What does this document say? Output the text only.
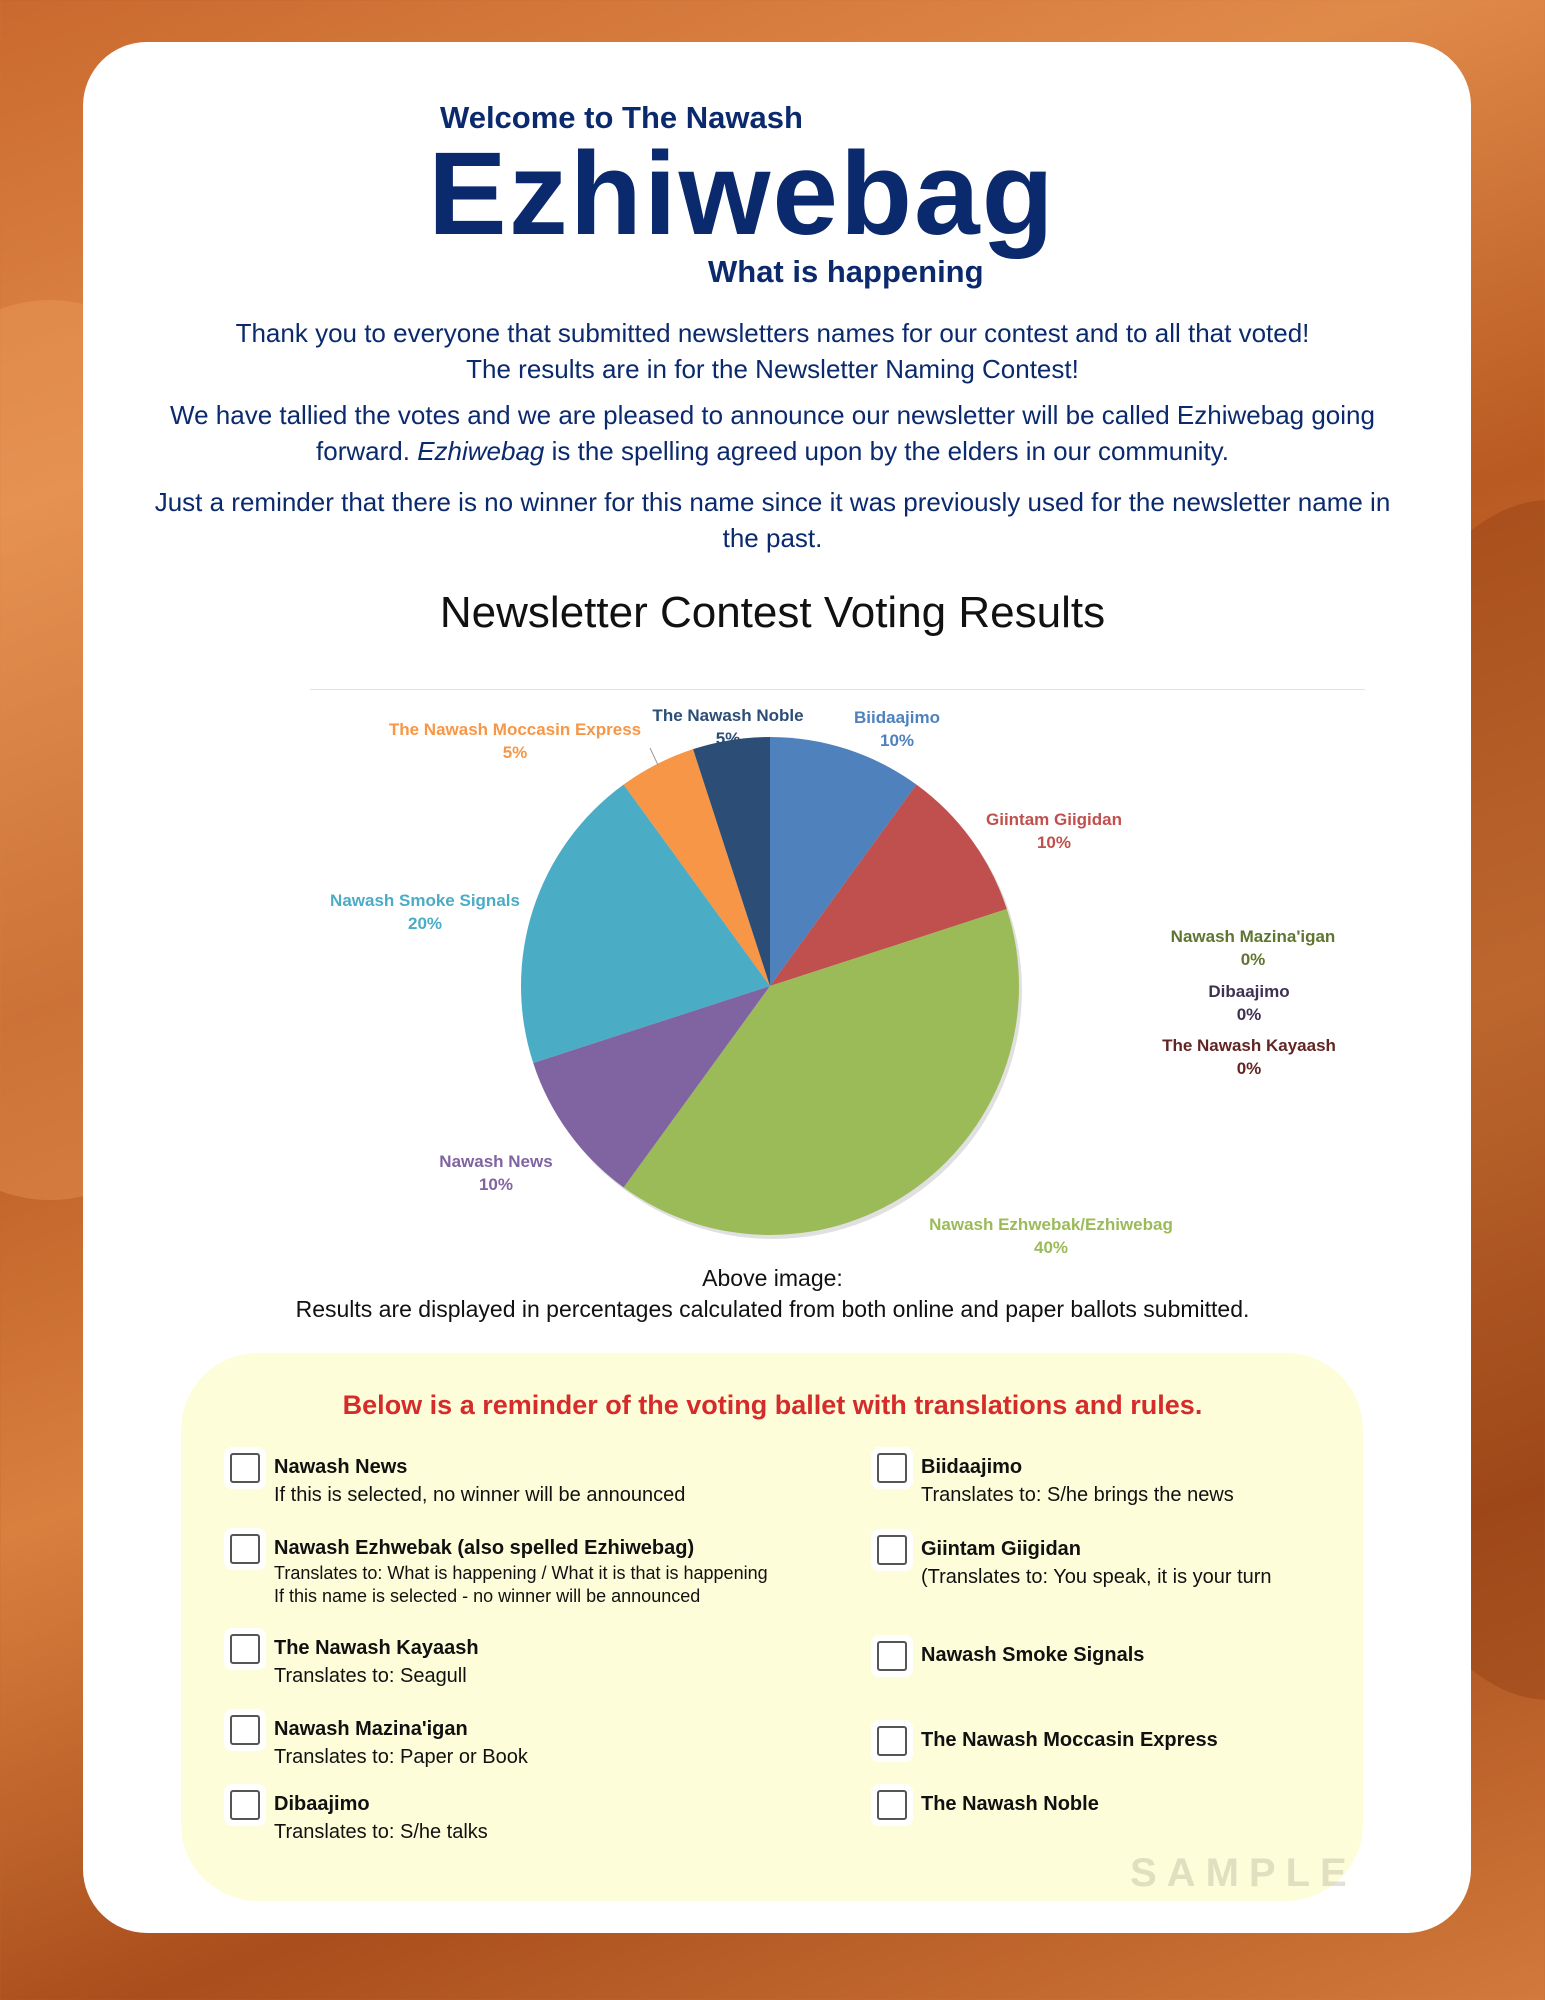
Welcome to The Nawash
Ezhiwebag
What is happening
Thank you to everyone that submitted newsletters names for our contest and to all that voted!
The results are in for the Newsletter Naming Contest!
We have tallied the votes and we are pleased to announce our newsletter will be called Ezhiwebag going forward. Ezhiwebag is the spelling agreed upon by the elders in our community.
Just a reminder that there is no winner for this name since it was previously used for the newsletter name in the past.
Newsletter Contest Voting Results
Biidaajimo
10%
Giintam Giigidan
10%
Nawash Ezhwebak/Ezhiwebag
40%
Nawash News
10%
Nawash Smoke Signals
20%
The Nawash Moccasin Express
5%
The Nawash Noble
5%
Nawash Mazina'igan
0%
Dibaajimo
0%
The Nawash Kayaash
0%
Above image:
Results are displayed in percentages calculated from both online and paper ballots submitted.
SAMPLE
Below is a reminder of the voting ballet with translations and rules.
Nawash News
If this is selected, no winner will be announced
Nawash Ezhwebak (also spelled Ezhiwebag)
Translates to: What is happening / What it is that is happening
If this name is selected - no winner will be announced
The Nawash Kayaash
Translates to: Seagull
Nawash Mazina'igan
Translates to: Paper or Book
Dibaajimo
Translates to: S/he talks
Biidaajimo
Translates to: S/he brings the news
Giintam Giigidan
(Translates to: You speak, it is your turn
Nawash Smoke Signals
The Nawash Moccasin Express
The Nawash Noble
